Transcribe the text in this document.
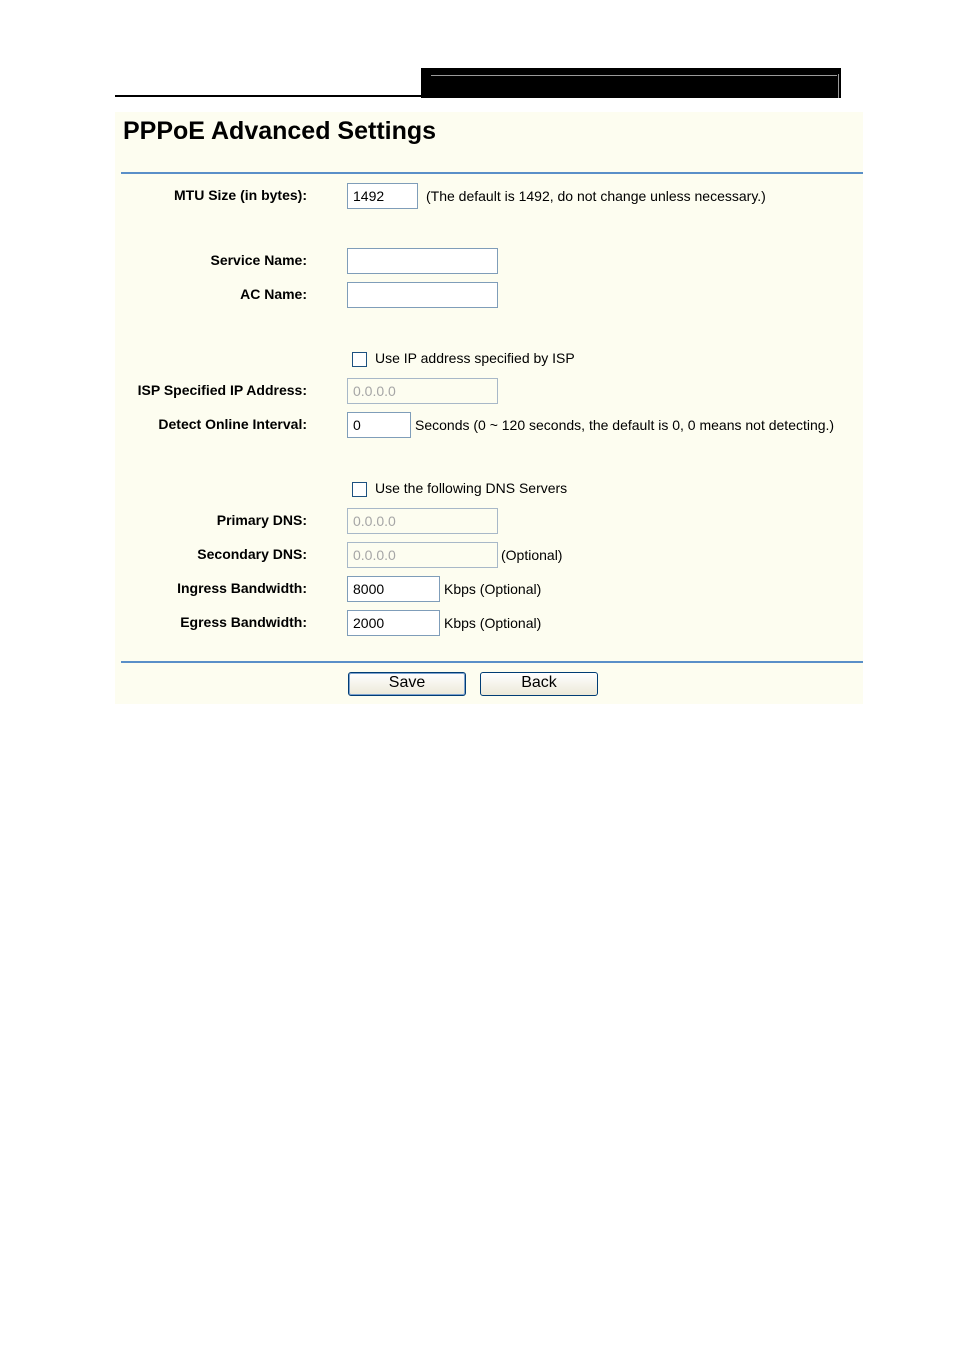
PPPoE Advanced Settings
MTU Size (in bytes):
1492	(The default is 1492, do not change unless necessary.)
Service Name:
AC Name:
Use IP address specified by ISP
ISP Specified IP Address:
0.0.0.0
Detect Online Interval:
0	Seconds (0 ~ 120 seconds, the default is 0, 0 means not detecting.)
Use the following DNS Servers
Primary DNS:
0.0.0.0
Secondary DNS:
0.0.0.0	(Optional)
Ingress Bandwidth:
8000	Kbps (Optional)
Egress Bandwidth:
2000	Kbps (Optional)
Save	Back
